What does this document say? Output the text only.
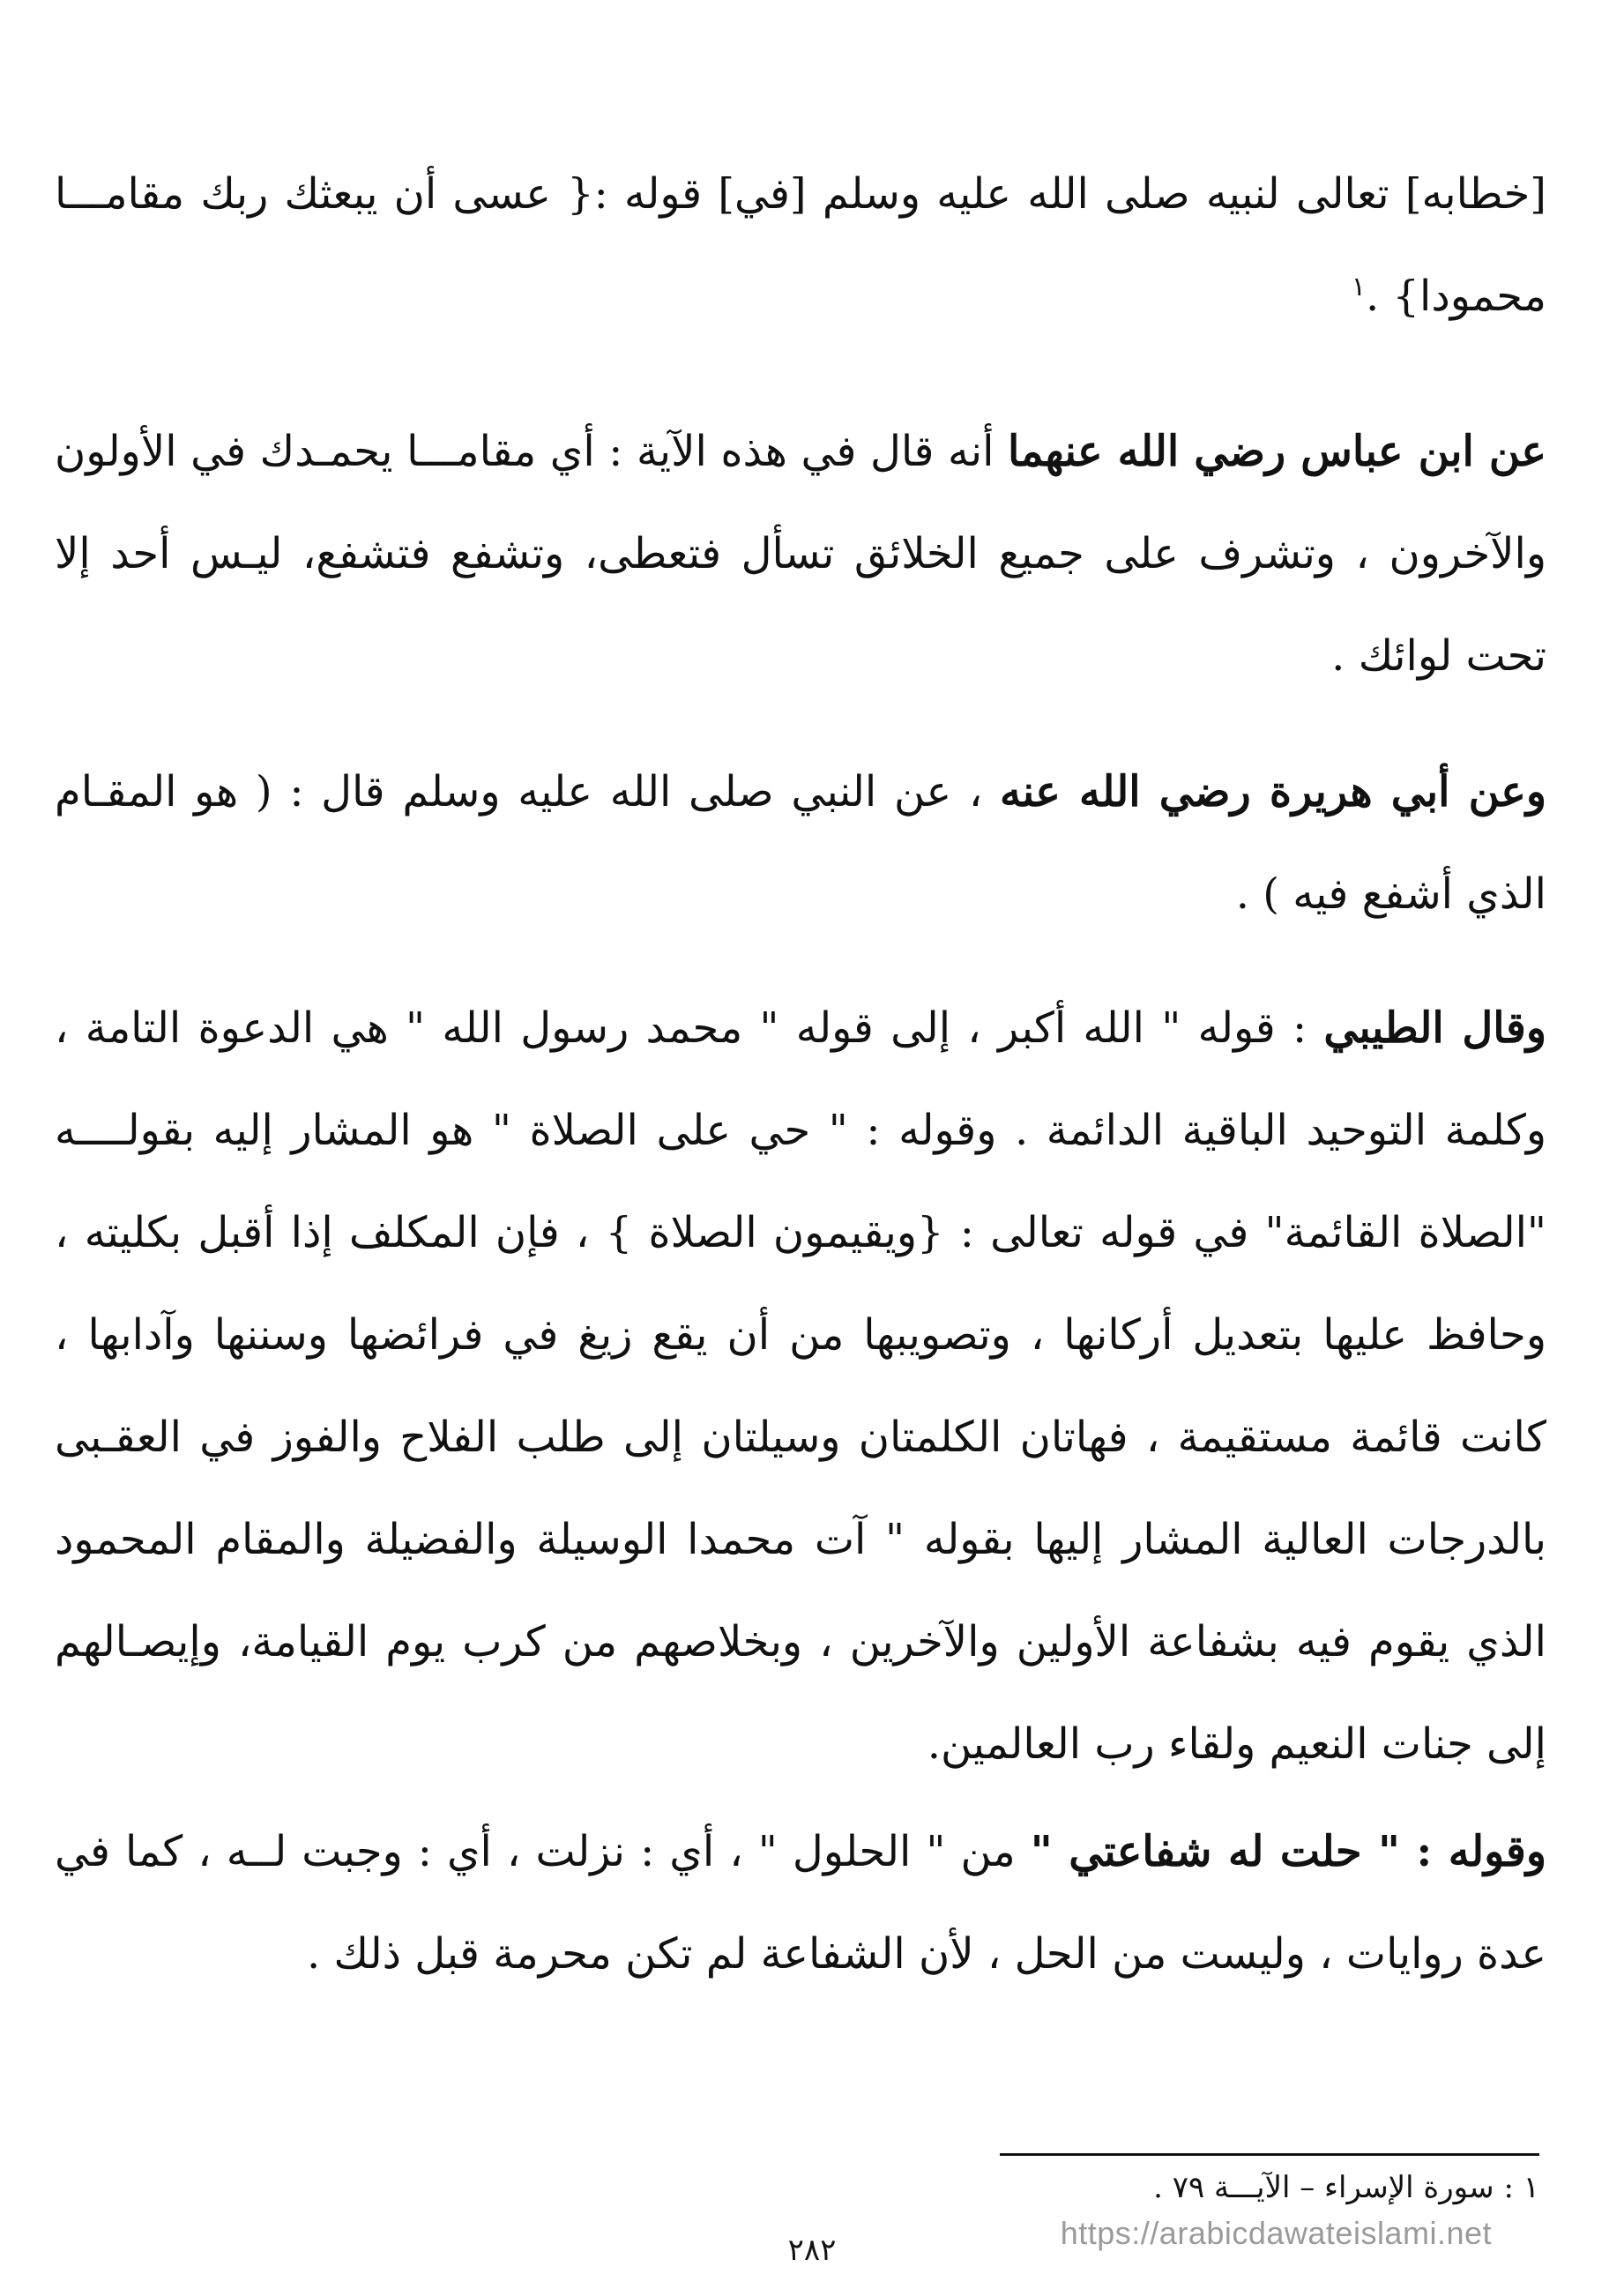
[خطابه] تعالى لنبيه صلى الله عليه وسلم [في] قوله :{ عسى أن يبعثك ربك مقامـــا محمودا} .$^١$

عن ابن عباس رضي الله عنهما أنه قال في هذه الآية : أي مقامـــا يحمـدك في الأولون والآخرون ، وتشرف على جميع الخلائق تسأل فتعطى، وتشفع فتشفع، ليـس أحد إلا تحت لوائك .

وعن أبي هريرة رضي الله عنه ، عن النبي صلى الله عليه وسلم قال : ( هو المقـام الذي أشفع فيه ) .

وقال الطيبي : قوله " الله أكبر ، إلى قوله " محمد رسول الله " هي الدعوة التامة ، وكلمة التوحيد الباقية الدائمة . وقوله : " حي على الصلاة " هو المشار إليه بقولــــه "الصلاة القائمة" في قوله تعالى : {ويقيمون الصلاة } ، فإن المكلف إذا أقبل بكليته ، وحافظ عليها بتعديل أركانها ، وتصويبها من أن يقع زيغ في فرائضها وسننها وآدابها ، كانت قائمة مستقيمة ، فهاتان الكلمتان وسيلتان إلى طلب الفلاح والفوز في العقـبى بالدرجات العالية المشار إليها بقوله " آت محمدا الوسيلة والفضيلة والمقام المحمود الذي يقوم فيه بشفاعة الأولين والآخرين ، وبخلاصهم من كرب يوم القيامة، وإيصـالهم إلى جنات النعيم ولقاء رب العالمين.

وقوله : " حلت له شفاعتي " من " الحلول " ، أي : نزلت ، أي : وجبت لــه ، كما في عدة روايات ، وليست من الحل ، لأن الشفاعة لم تكن محرمة قبل ذلك .

١ : سورة الإسراء – الآيـــة ٧٩ .
https://arabicdawateislami.net
٢٨٢
